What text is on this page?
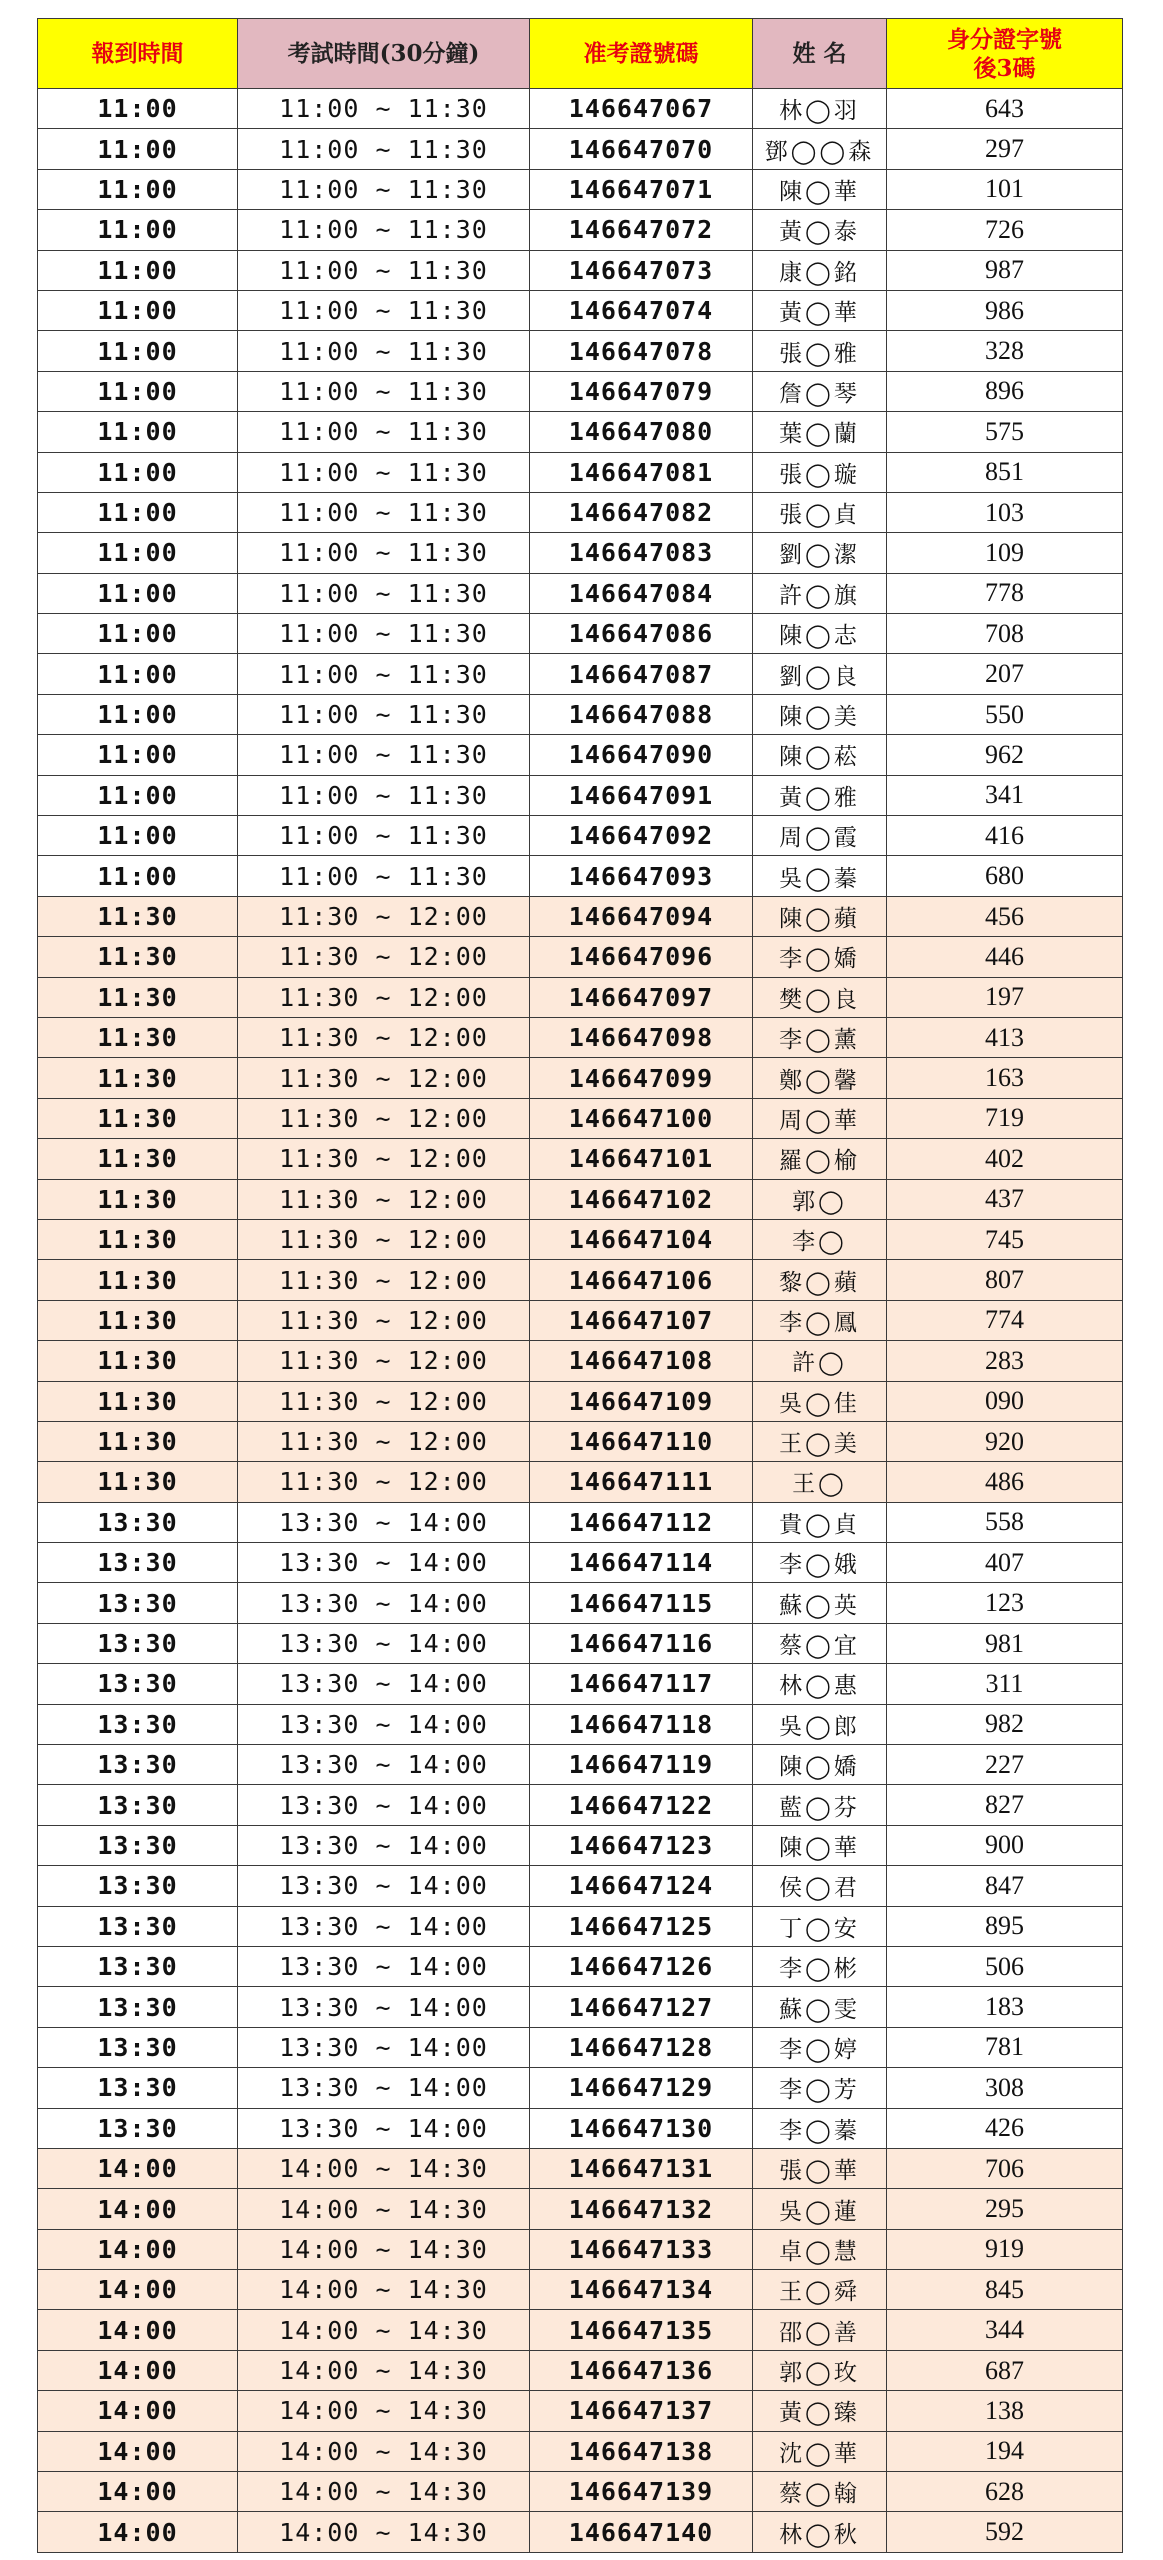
報到時間	考試時間(30分鐘)	准考證號碼	姓 名	身分證字號
後3碼

11:00	11:00 ~ 11:30	146647067	林◯羽	643
11:00	11:00 ~ 11:30	146647070	鄧◯◯森	297
11:00	11:00 ~ 11:30	146647071	陳◯華	101
11:00	11:00 ~ 11:30	146647072	黃◯泰	726
11:00	11:00 ~ 11:30	146647073	康◯銘	987
11:00	11:00 ~ 11:30	146647074	黃◯華	986
11:00	11:00 ~ 11:30	146647078	張◯雅	328
11:00	11:00 ~ 11:30	146647079	詹◯琴	896
11:00	11:00 ~ 11:30	146647080	葉◯蘭	575
11:00	11:00 ~ 11:30	146647081	張◯璇	851
11:00	11:00 ~ 11:30	146647082	張◯貞	103
11:00	11:00 ~ 11:30	146647083	劉◯潔	109
11:00	11:00 ~ 11:30	146647084	許◯旗	778
11:00	11:00 ~ 11:30	146647086	陳◯志	708
11:00	11:00 ~ 11:30	146647087	劉◯良	207
11:00	11:00 ~ 11:30	146647088	陳◯美	550
11:00	11:00 ~ 11:30	146647090	陳◯菘	962
11:00	11:00 ~ 11:30	146647091	黃◯雅	341
11:00	11:00 ~ 11:30	146647092	周◯霞	416
11:00	11:00 ~ 11:30	146647093	吳◯蓁	680
11:30	11:30 ~ 12:00	146647094	陳◯蘋	456
11:30	11:30 ~ 12:00	146647096	李◯嬌	446
11:30	11:30 ~ 12:00	146647097	樊◯良	197
11:30	11:30 ~ 12:00	146647098	李◯薰	413
11:30	11:30 ~ 12:00	146647099	鄭◯馨	163
11:30	11:30 ~ 12:00	146647100	周◯華	719
11:30	11:30 ~ 12:00	146647101	羅◯榆	402
11:30	11:30 ~ 12:00	146647102	郭◯	437
11:30	11:30 ~ 12:00	146647104	李◯	745
11:30	11:30 ~ 12:00	146647106	黎◯蘋	807
11:30	11:30 ~ 12:00	146647107	李◯鳳	774
11:30	11:30 ~ 12:00	146647108	許◯	283
11:30	11:30 ~ 12:00	146647109	吳◯佳	090
11:30	11:30 ~ 12:00	146647110	王◯美	920
11:30	11:30 ~ 12:00	146647111	王◯	486
13:30	13:30 ~ 14:00	146647112	貴◯貞	558
13:30	13:30 ~ 14:00	146647114	李◯娥	407
13:30	13:30 ~ 14:00	146647115	蘇◯英	123
13:30	13:30 ~ 14:00	146647116	蔡◯宜	981
13:30	13:30 ~ 14:00	146647117	林◯惠	311
13:30	13:30 ~ 14:00	146647118	吳◯郎	982
13:30	13:30 ~ 14:00	146647119	陳◯嬌	227
13:30	13:30 ~ 14:00	146647122	藍◯芬	827
13:30	13:30 ~ 14:00	146647123	陳◯華	900
13:30	13:30 ~ 14:00	146647124	侯◯君	847
13:30	13:30 ~ 14:00	146647125	丁◯安	895
13:30	13:30 ~ 14:00	146647126	李◯彬	506
13:30	13:30 ~ 14:00	146647127	蘇◯雯	183
13:30	13:30 ~ 14:00	146647128	李◯婷	781
13:30	13:30 ~ 14:00	146647129	李◯芳	308
13:30	13:30 ~ 14:00	146647130	李◯蓁	426
14:00	14:00 ~ 14:30	146647131	張◯華	706
14:00	14:00 ~ 14:30	146647132	吳◯蓮	295
14:00	14:00 ~ 14:30	146647133	卓◯慧	919
14:00	14:00 ~ 14:30	146647134	王◯舜	845
14:00	14:00 ~ 14:30	146647135	邵◯善	344
14:00	14:00 ~ 14:30	146647136	郭◯玫	687
14:00	14:00 ~ 14:30	146647137	黃◯臻	138
14:00	14:00 ~ 14:30	146647138	沈◯華	194
14:00	14:00 ~ 14:30	146647139	蔡◯翰	628
14:00	14:00 ~ 14:30	146647140	林◯秋	592
